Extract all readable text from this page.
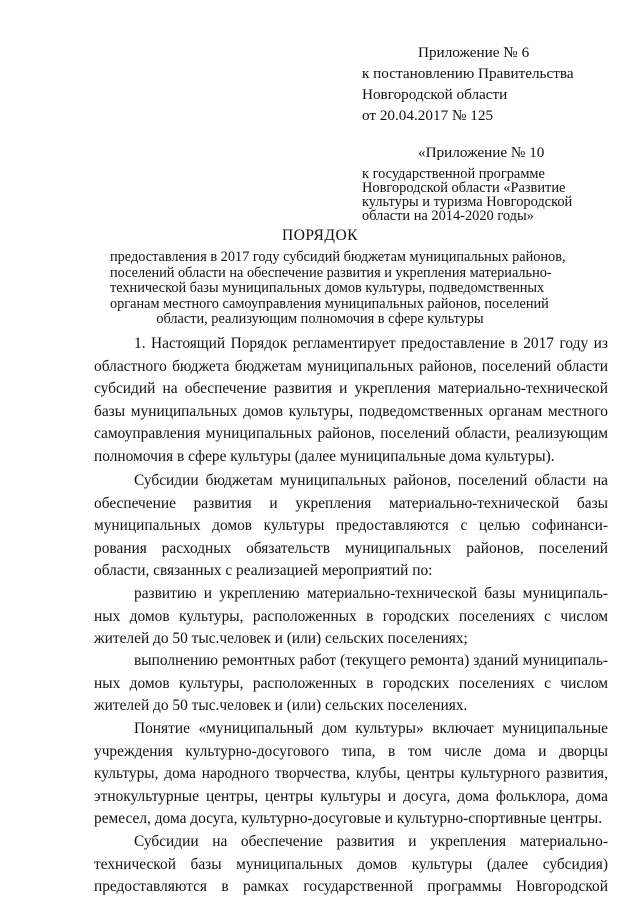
Приложение № 6
к постановлению Правительства
Новгородской области
от 20.04.2017 № 125
«Приложение № 10
к государственной программе
Новгородской области «Развитие
культуры и туризма Новгородской
области на 2014-2020 годы»
ПОРЯДОК
предоставления в 2017 году субсидий бюджетам муниципальных районов,
поселений области на обеспечение развития и укрепления материально-
технической базы муниципальных домов культуры, подведомственных
органам местного самоуправления муниципальных районов, поселений
области, реализующим полномочия в сфере культуры
1. Настоящий Порядок регламентирует предоставление в 2017 году из
областного бюджета бюджетам муниципальных районов, поселений области
субсидий на обеспечение развития и укрепления материально-технической
базы муниципальных домов культуры, подведомственных органам местного
самоуправления муниципальных районов, поселений области, реализующим
полномочия в сфере культуры (далее муниципальные дома культуры).
Субсидии бюджетам муниципальных районов, поселений области на
обеспечение развития и укрепления материально-технической базы
муниципальных домов культуры предоставляются с целью софинанси-
рования расходных обязательств муниципальных районов, поселений
области, связанных с реализацией мероприятий по:
развитию и укреплению материально-технической базы муниципаль-
ных домов культуры, расположенных в городских поселениях с числом
жителей до 50 тыс.человек и (или) сельских поселениях;
выполнению ремонтных работ (текущего ремонта) зданий муниципаль-
ных домов культуры, расположенных в городских поселениях с числом
жителей до 50 тыс.человек и (или) сельских поселениях.
Понятие «муниципальный дом культуры» включает муниципальные
учреждения культурно-досугового типа, в том числе дома и дворцы
культуры, дома народного творчества, клубы, центры культурного развития,
этнокультурные центры, центры культуры и досуга, дома фольклора, дома
ремесел, дома досуга, культурно-досуговые и культурно-спортивные центры.
Субсидии на обеспечение развития и укрепления материально-
технической базы муниципальных домов культуры (далее субсидия)
предоставляются в рамках государственной программы Новгородской
